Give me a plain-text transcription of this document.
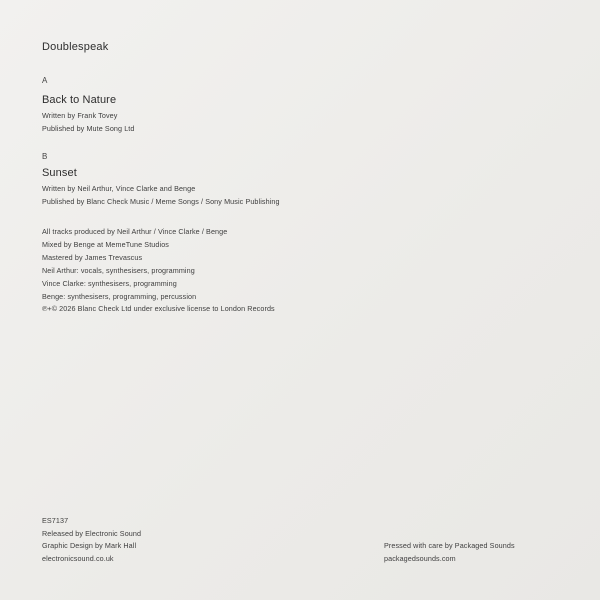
Doublespeak
A
Back to Nature
Written by Frank Tovey
Published by Mute Song Ltd
B
Sunset
Written by Neil Arthur, Vince Clarke and Benge
Published by Blanc Check Music / Meme Songs / Sony Music Publishing
All tracks produced by Neil Arthur / Vince Clarke / Benge
Mixed by Benge at MemeTune Studios
Mastered by James Trevascus
Neil Arthur: vocals, synthesisers, programming
Vince Clarke: synthesisers, programming
Benge: synthesisers, programming, percussion
℗+© 2026 Blanc Check Ltd under exclusive license to London Records
ES7137
Released by Electronic Sound
Graphic Design by Mark Hall
electronicsound.co.uk
Pressed with care by Packaged Sounds
packagedsounds.com
